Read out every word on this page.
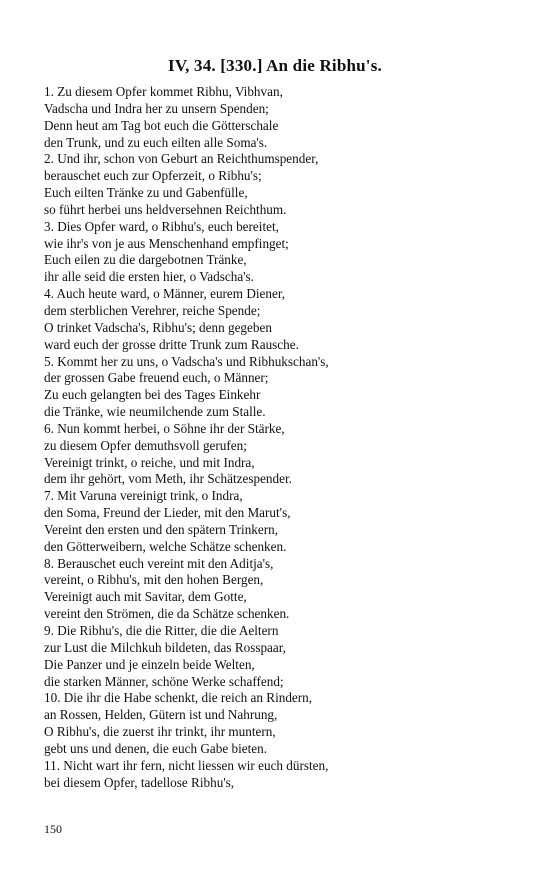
IV, 34. [330.] An die Ribhu's.
1. Zu diesem Opfer kommet Ribhu, Vibhvan,
Vadscha und Indra her zu unsern Spenden;
Denn heut am Tag bot euch die Götterschale
den Trunk, und zu euch eilten alle Soma's.
2. Und ihr, schon von Geburt an Reichthumspender,
berauschet euch zur Opferzeit, o Ribhu's;
Euch eilten Tränke zu und Gabenfülle,
so führt herbei uns heldversehnen Reichthum.
3. Dies Opfer ward, o Ribhu's, euch bereitet,
wie ihr's von je aus Menschenhand empfinget;
Euch eilen zu die dargebotnen Tränke,
ihr alle seid die ersten hier, o Vadscha's.
4. Auch heute ward, o Männer, eurem Diener,
dem sterblichen Verehrer, reiche Spende;
O trinket Vadscha's, Ribhu's; denn gegeben
ward euch der grosse dritte Trunk zum Rausche.
5. Kommt her zu uns, o Vadscha's und Ribhukschan's,
der grossen Gabe freuend euch, o Männer;
Zu euch gelangten bei des Tages Einkehr
die Tränke, wie neumilchende zum Stalle.
6. Nun kommt herbei, o Söhne ihr der Stärke,
zu diesem Opfer demuthsvoll gerufen;
Vereinigt trinkt, o reiche, und mit Indra,
dem ihr gehört, vom Meth, ihr Schätzespender.
7. Mit Varuna vereinigt trink, o Indra,
den Soma, Freund der Lieder, mit den Marut's,
Vereint den ersten und den spätern Trinkern,
den Götterweibern, welche Schätze schenken.
8. Berauschet euch vereint mit den Aditja's,
vereint, o Ribhu's, mit den hohen Bergen,
Vereinigt auch mit Savitar, dem Gotte,
vereint den Strömen, die da Schätze schenken.
9. Die Ribhu's, die die Ritter, die die Aeltern
zur Lust die Milchkuh bildeten, das Rosspaar,
Die Panzer und je einzeln beide Welten,
die starken Männer, schöne Werke schaffend;
10. Die ihr die Habe schenkt, die reich an Rindern,
an Rossen, Helden, Gütern ist und Nahrung,
O Ribhu's, die zuerst ihr trinkt, ihr muntern,
gebt uns und denen, die euch Gabe bieten.
11. Nicht wart ihr fern, nicht liessen wir euch dürsten,
bei diesem Opfer, tadellose Ribhu's,
150
